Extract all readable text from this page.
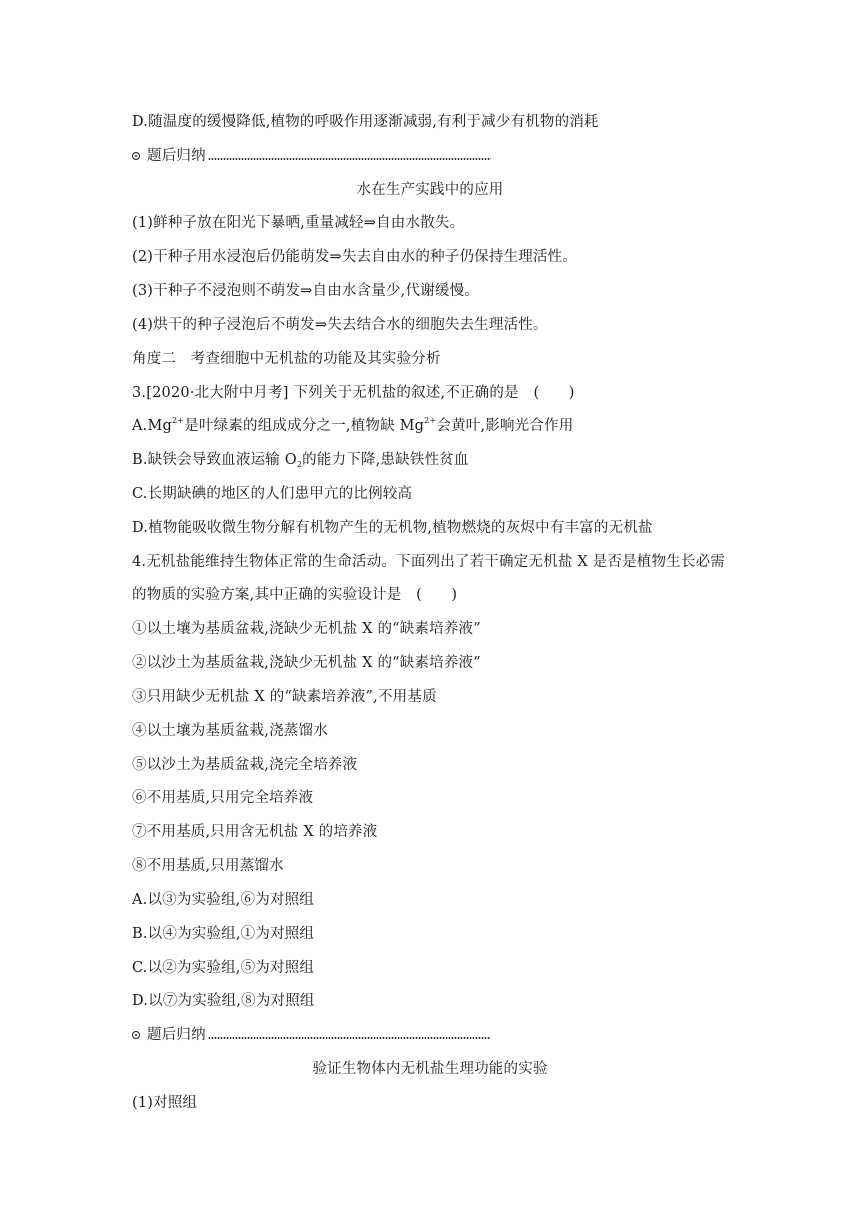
D.随温度的缓慢降低,植物的呼吸作用逐渐减弱,有利于减少有机物的消耗
题后归纳
水在生产实践中的应用
(1)鲜种子放在阳光下暴晒,重量减轻⇒自由水散失。
(2)干种子用水浸泡后仍能萌发⇒失去自由水的种子仍保持生理活性。
(3)干种子不浸泡则不萌发⇒自由水含量少,代谢缓慢。
(4)烘干的种子浸泡后不萌发⇒失去结合水的细胞失去生理活性。
角度二　考查细胞中无机盐的功能及其实验分析
3.[2020·北大附中月考] 下列关于无机盐的叙述,不正确的是　(　　)
$A.Mg^{2+}$是叶绿素的组成成分之一,植物缺 $Mg^{2+}$会黄叶,影响光合作用
B.缺铁会导致血液运输 $O_2$的能力下降,患缺铁性贫血
C.长期缺碘的地区的人们患甲亢的比例较高
D.植物能吸收微生物分解有机物产生的无机物,植物燃烧的灰烬中有丰富的无机盐
4.无机盐能维持生物体正常的生命活动。下面列出了若干确定无机盐 X 是否是植物生长必需
的物质的实验方案,其中正确的实验设计是　(　　)
①以土壤为基质盆栽,浇缺少无机盐 X 的“缺素培养液”
②以沙土为基质盆栽,浇缺少无机盐 X 的“缺素培养液”
③只用缺少无机盐 X 的“缺素培养液”,不用基质
④以土壤为基质盆栽,浇蒸馏水
⑤以沙土为基质盆栽,浇完全培养液
⑥不用基质,只用完全培养液
⑦不用基质,只用含无机盐 X 的培养液
⑧不用基质,只用蒸馏水
A.以③为实验组,⑥为对照组
B.以④为实验组,①为对照组
C.以②为实验组,⑤为对照组
D.以⑦为实验组,⑧为对照组
题后归纳
验证生物体内无机盐生理功能的实验
(1)对照组
